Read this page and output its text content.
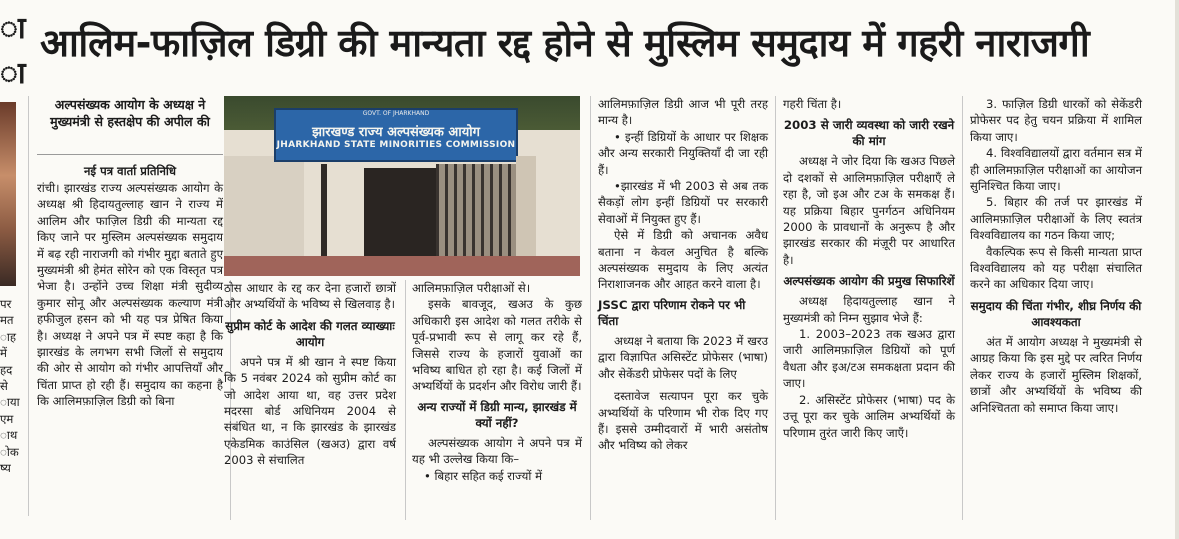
ा
ा
पर
मत
ाह
में
हद
से
ाया
एम
ाथ
ोक
ष्य
आलिम-फाज़िल डिग्री की मान्यता रद्द होने से मुस्लिम समुदाय में गहरी नाराजगी
अल्पसंख्यक आयोग के अध्यक्ष ने मुख्यमंत्री से हस्तक्षेप की अपील की
नई पत्र वार्ता प्रतिनिधि

रांची। झारखंड राज्य अल्पसंख्यक आयोग के अध्यक्ष श्री हिदायतुल्लाह खान ने राज्य में आलिम और फाज़िल डिग्री की मान्यता रद्द किए जाने पर मुस्लिम अल्पसंख्यक समुदाय में बढ़ रही नाराजगी को गंभीर मुद्दा बताते हुए मुख्यमंत्री श्री हेमंत सोरेन को एक विस्तृत पत्र भेजा है। उन्होंने उच्च शिक्षा मंत्री सुदीव्य कुमार सोनू और अल्पसंख्यक कल्याण मंत्री हफीजुल हसन को भी यह पत्र प्रेषित किया है। अध्यक्ष ने अपने पत्र में स्पष्ट कहा है कि झारखंड के लगभग सभी जिलों से समुदाय की ओर से आयोग को गंभीर आपत्तियाँ और चिंता प्राप्त हो रही हैं। समुदाय का कहना है कि आलिमफ़ाज़िल डिग्री को बिना

GOVT. OF JHARKHAND
झारखण्ड राज्य अल्पसंख्यक आयोग
JHARKHAND STATE MINORITIES COMMISSION

ठोस आधार के रद्द कर देना हजारों छात्रों और अभ्यर्थियों के भविष्य से खिलवाड़ है।

सुप्रीम कोर्ट के आदेश की गलत व्याख्याः आयोग

अपने पत्र में श्री खान ने स्पष्ट किया कि 5 नवंबर 2024 को सुप्रीम कोर्ट का जो आदेश आया था, वह उत्तर प्रदेश मदरसा बोर्ड अधिनियम 2004 से संबंधित था, न कि झारखंड के झारखंड एकेडमिक काउंसिल (खअउ) द्वारा वर्ष 2003 से संचालित

आलिमफ़ाज़िल परीक्षाओं से।

इसके बावजूद, खअउ के कुछ अधिकारी इस आदेश को गलत तरीके से पूर्व-प्रभावी रूप से लागू कर रहे हैं, जिससे राज्य के हजारों युवाओं का भविष्य बाधित हो रहा है। कई जिलों में अभ्यर्थियों के प्रदर्शन और विरोध जारी हैं।

अन्य राज्यों में डिग्री मान्य, झारखंड में क्यों नहीं?

अल्पसंख्यक आयोग ने अपने पत्र में यह भी उल्लेख किया कि–

• बिहार सहित कई राज्यों में

आलिमफ़ाज़िल डिग्री आज भी पूरी तरह मान्य है।

• इन्हीं डिग्रियों के आधार पर शिक्षक और अन्य सरकारी नियुक्तियाँ दी जा रही हैं।

•झारखंड में भी 2003 से अब तक सैकड़ों लोग इन्हीं डिग्रियों पर सरकारी सेवाओं में नियुक्त हुए हैं।

ऐसे में डिग्री को अचानक अवैध बताना न केवल अनुचित है बल्कि अल्पसंख्यक समुदाय के लिए अत्यंत निराशाजनक और आहत करने वाला है।

JSSC द्वारा परिणाम रोकने पर भी चिंता

अध्यक्ष ने बताया कि 2023 में खरउ द्वारा विज्ञापित असिस्टेंट प्रोफेसर (भाषा) और सेकेंडरी प्रोफेसर पदों के लिए

दस्तावेज सत्यापन पूरा कर चुके अभ्यर्थियों के परिणाम भी रोक दिए गए हैं। इससे उम्मीदवारों में भारी असंतोष और भविष्य को लेकर

गहरी चिंता है।

2003 से जारी व्यवस्था को जारी रखने की मांग

अध्यक्ष ने जोर दिया कि खअउ पिछले दो दशकों से आलिमफ़ाज़िल परीक्षाएँ ले रहा है, जो इअ और टअ के समकक्ष हैं। यह प्रक्रिया बिहार पुनर्गठन अधिनियम 2000 के प्रावधानों के अनुरूप है और झारखंड सरकार की मंज़ूरी पर आधारित है।

अल्पसंख्यक आयोग की प्रमुख सिफारिशें

अध्यक्ष हिदायतुल्लाह खान ने मुख्यमंत्री को निम्न सुझाव भेजे हैं:

1. 2003–2023 तक खअउ द्वारा जारी आलिमफ़ाज़िल डिग्रियों को पूर्ण वैधता और इअ/टअ समकक्षता प्रदान की जाए।

2. असिस्टेंट प्रोफेसर (भाषा) पद के उत्तू पूरा कर चुके आलिम अभ्यर्थियों के परिणाम तुरंत जारी किए जाएँ।

3. फाज़िल डिग्री धारकों को सेकेंडरी प्रोफेसर पद हेतु चयन प्रक्रिया में शामिल किया जाए।

4. विश्वविद्यालयों द्वारा वर्तमान सत्र में ही आलिमफ़ाज़िल परीक्षाओं का आयोजन सुनिश्चित किया जाए।

5. बिहार की तर्ज पर झारखंड में आलिमफ़ाज़िल परीक्षाओं के लिए स्वतंत्र विश्वविद्यालय का गठन किया जाए;

वैकल्पिक रूप से किसी मान्यता प्राप्त विश्वविद्यालय को यह परीक्षा संचालित करने का अधिकार दिया जाए।

समुदाय की चिंता गंभीर, शीघ्र निर्णय की आवश्यकता

अंत में आयोग अध्यक्ष ने मुख्यमंत्री से आग्रह किया कि इस मुद्दे पर त्वरित निर्णय लेकर राज्य के हजारों मुस्लिम शिक्षकों, छात्रों और अभ्यर्थियों के भविष्य की अनिश्चितता को समाप्त किया जाए।
